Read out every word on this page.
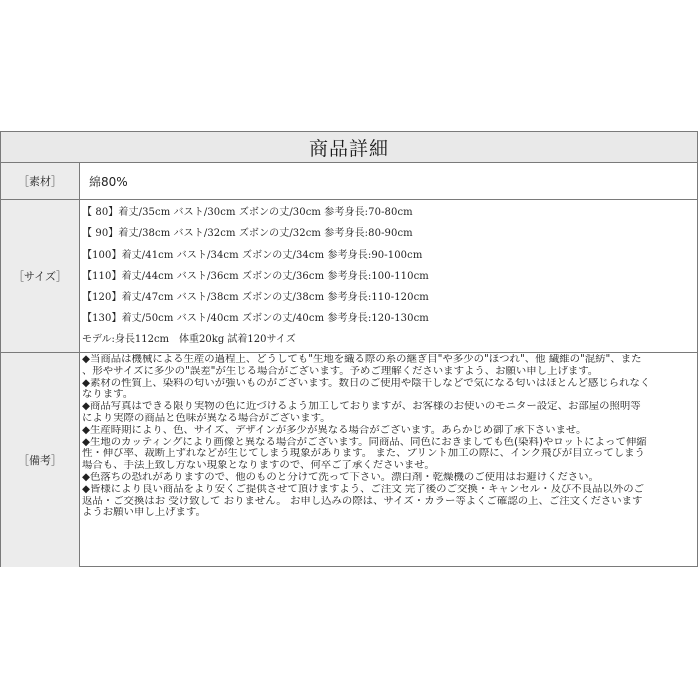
商品詳細
［素材］	綿80%
［サイズ］
【 80】着丈/35cm バスト/30cm ズボンの丈/30cm 参考身長:70-80cm
【 90】着丈/38cm バスト/32cm ズボンの丈/32cm 参考身長:80-90cm
【100】着丈/41cm バスト/34cm ズボンの丈/34cm 参考身長:90-100cm
【110】着丈/44cm バスト/36cm ズボンの丈/36cm 参考身長:100-110cm
【120】着丈/47cm バスト/38cm ズボンの丈/38cm 参考身長:110-120cm
【130】着丈/50cm バスト/40cm ズボンの丈/40cm 参考身長:120-130cm
モデル:身長112cm　体重20kg 試着120サイズ
［備考］
◆当商品は機械による生産の過程上、どうしても"生地を織る際の糸の継ぎ目"や多少の"ほつれ"、他 繊維の"混紡"、また
、形やサイズに多少の"誤差"が生じる場合がございます。予めご理解くださいますよう、お願い申し上げます。
◆素材の性質上、染料の匂いが強いものがございます。数日のご使用や陰干しなどで気になる匂いはほとんど感じられなく
なります。
◆商品写真はできる限り実物の色に近づけるよう加工しておりますが、お客様のお使いのモニター設定、お部屋の照明等
により実際の商品と色味が異なる場合がございます。
◆生産時期により、色、サイズ、デザインが多少が異なる場合がございます。あらかじめ御了承下さいませ。
◆生地のカッティングにより画像と異なる場合がございます。同商品、同色におきましても色(染料)やロットによって伸縮
性・伸び率、裁断上ずれなどが生じてしまう現象があります。 また、プリント加工の際に、インク飛びが目立ってしまう
場合も、手法上致し方ない現象となりますので、何卒ご了承くださいませ。
◆色落ちの恐れがありますので、他のものと分けて洗って下さい。漂白剤・乾燥機のご使用はお避けください。
◆皆様により良い商品をより安くご提供させて頂けますよう、ご注文 完了後のご交換・キャンセル・及び不良品以外のご
返品・ご交換はお 受け致して おりません。 お申し込みの際は、サイズ・カラー等よくご確認の上、ご注文くださいます
ようお願い申し上げます。
